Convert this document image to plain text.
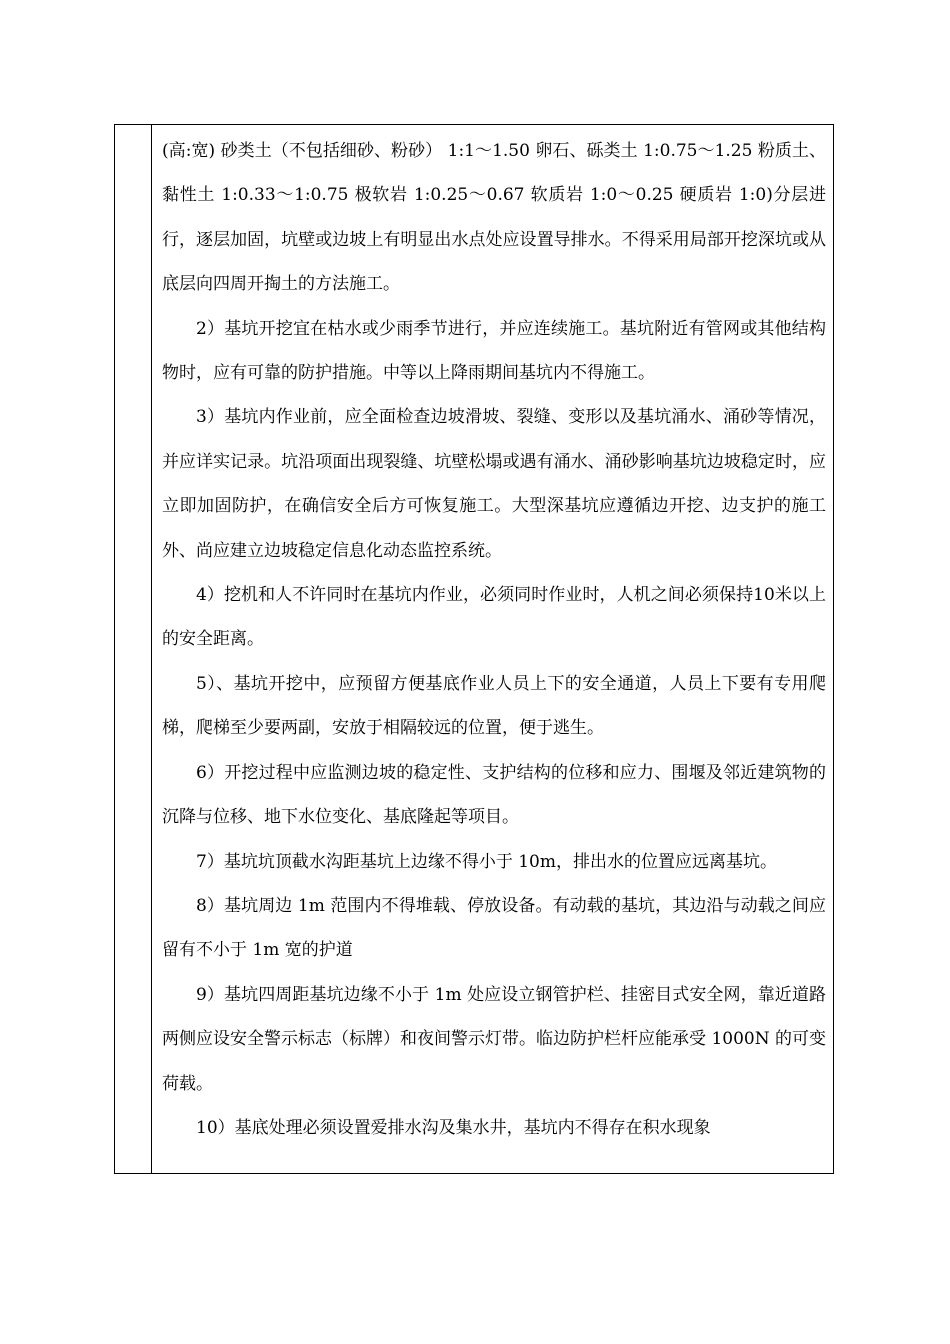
(高:宽) 砂类土（不包括细砂、粉砂） 1:1～1.50 卵石、砾类土 1:0.75～1.25 粉质土、黏性土 1:0.33～1:0.75 极软岩 1:0.25～0.67 软质岩 1:0～0.25 硬质岩 1:0)分层进行，逐层加固，坑壁或边坡上有明显出水点处应设置导排水。不得采用局部开挖深坑或从底层向四周开掏土的方法施工。

2）基坑开挖宜在枯水或少雨季节进行，并应连续施工。基坑附近有管网或其他结构物时，应有可靠的防护措施。中等以上降雨期间基坑内不得施工。

3）基坑内作业前，应全面检查边坡滑坡、裂缝、变形以及基坑涌水、涌砂等情况，并应详实记录。坑沿项面出现裂缝、坑壁松塌或遇有涌水、涌砂影响基坑边坡稳定时，应立即加固防护，在确信安全后方可恢复施工。大型深基坑应遵循边开挖、边支护的施工外、尚应建立边坡稳定信息化动态监控系统。

4）挖机和人不许同时在基坑内作业，必须同时作业时，人机之间必须保持10米以上的安全距离。

5）、基坑开挖中，应预留方便基底作业人员上下的安全通道，人员上下要有专用爬梯，爬梯至少要两副，安放于相隔较远的位置，便于逃生。

6）开挖过程中应监测边坡的稳定性、支护结构的位移和应力、围堰及邻近建筑物的沉降与位移、地下水位变化、基底隆起等项目。

7）基坑坑顶截水沟距基坑上边缘不得小于 10m，排出水的位置应远离基坑。

8）基坑周边 1m 范围内不得堆载、停放设备。有动载的基坑，其边沿与动载之间应留有不小于 1m 宽的护道

9）基坑四周距基坑边缘不小于 1m 处应设立钢管护栏、挂密目式安全网，靠近道路两侧应设安全警示标志（标牌）和夜间警示灯带。临边防护栏杆应能承受 1000N 的可变荷载。

10）基底处理必须设置爱排水沟及集水井，基坑内不得存在积水现象
